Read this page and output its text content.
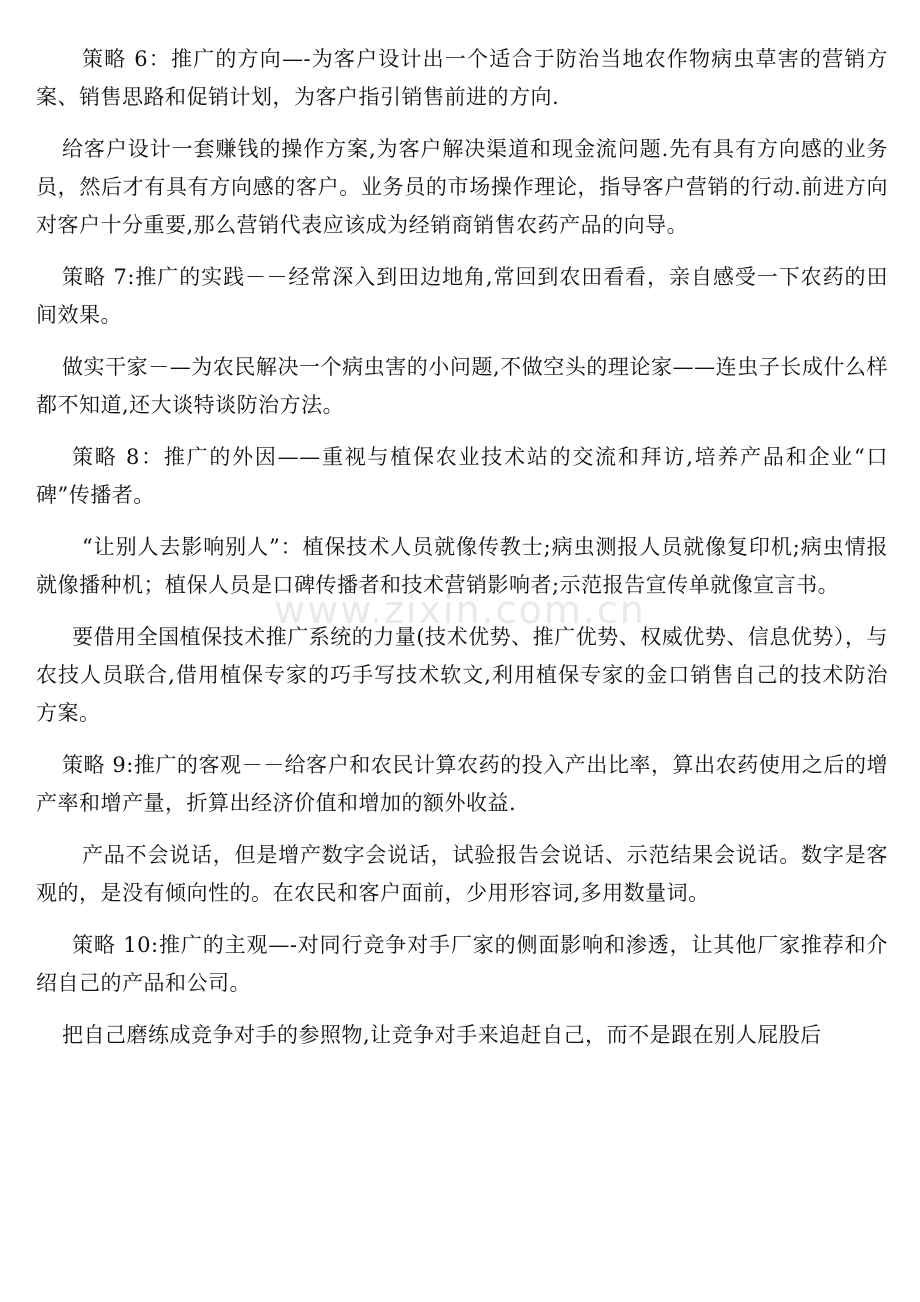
www.zixin.com.cn

策略 6：推广的方向—-为客户设计出一个适合于防治当地农作物病虫草害的营销方案、销售思路和促销计划，为客户指引销售前进的方向.

给客户设计一套赚钱的操作方案,为客户解决渠道和现金流问题.先有具有方向感的业务员，然后才有具有方向感的客户。业务员的市场操作理论，指导客户营销的行动.前进方向对客户十分重要,那么营销代表应该成为经销商销售农药产品的向导。

策略 7:推广的实践－－经常深入到田边地角,常回到农田看看，亲自感受一下农药的田间效果。

做实干家－—为农民解决一个病虫害的小问题,不做空头的理论家——连虫子长成什么样都不知道,还大谈特谈防治方法。

策略 8：推广的外因——重视与植保农业技术站的交流和拜访,培养产品和企业“口碑”传播者。

“让别人去影响别人”：植保技术人员就像传教士;病虫测报人员就像复印机;病虫情报就像播种机；植保人员是口碑传播者和技术营销影响者;示范报告宣传单就像宣言书。

要借用全国植保技术推广系统的力量(技术优势、推广优势、权威优势、信息优势），与农技人员联合,借用植保专家的巧手写技术软文,利用植保专家的金口销售自己的技术防治方案。

策略 9:推广的客观－－给客户和农民计算农药的投入产出比率，算出农药使用之后的增产率和增产量，折算出经济价值和增加的额外收益.

产品不会说话，但是增产数字会说话，试验报告会说话、示范结果会说话。数字是客观的，是没有倾向性的。在农民和客户面前，少用形容词,多用数量词。

策略 10:推广的主观—-对同行竞争对手厂家的侧面影响和渗透，让其他厂家推荐和介绍自己的产品和公司。

把自己磨练成竞争对手的参照物,让竞争对手来追赶自己，而不是跟在别人屁股后
